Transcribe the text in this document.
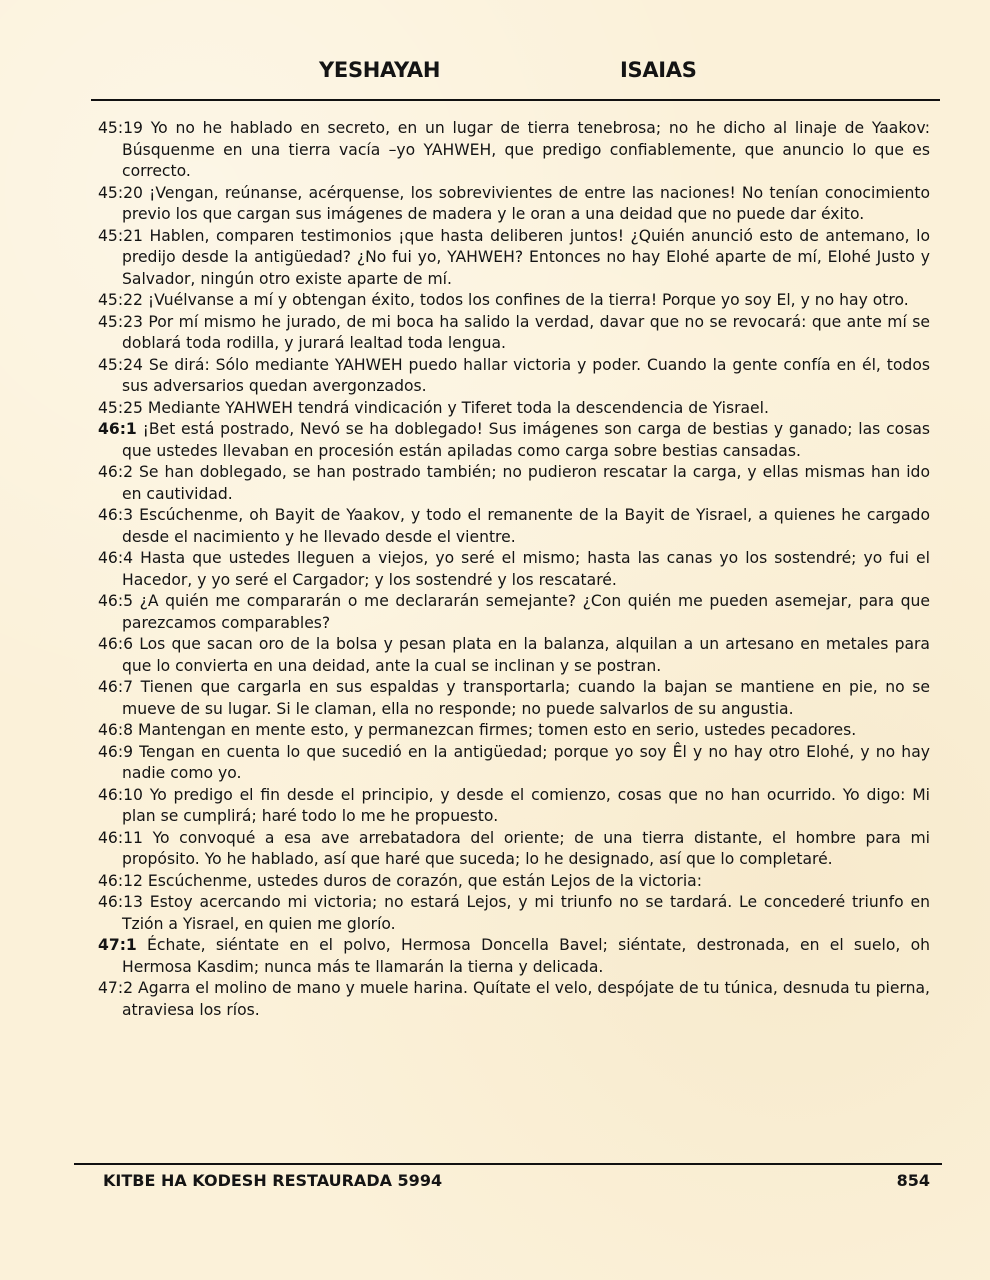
YESHAYAH	ISAIAS

45:19 Yo no he hablado en secreto, en un lugar de tierra tenebrosa; no he dicho al linaje de Yaakov: Búsquenme en una tierra vacía –yo YAHWEH, que predigo confiablemente, que anuncio lo que es correcto.

45:20 ¡Vengan, reúnanse, acérquense, los sobrevivientes de entre las naciones! No tenían conocimiento previo los que cargan sus imágenes de madera y le oran a una deidad que no puede dar éxito.

45:21 Hablen, comparen testimonios ¡que hasta deliberen juntos! ¿Quién anunció esto de antemano, lo predijo desde la antigüedad? ¿No fui yo, YAHWEH? Entonces no hay Elohé aparte de mí, Elohé Justo y Salvador, ningún otro existe aparte de mí.

45:22 ¡Vuélvanse a mí y obtengan éxito, todos los confines de la tierra! Porque yo soy El, y no hay otro.

45:23 Por mí mismo he jurado, de mi boca ha salido la verdad, davar que no se revocará: que ante mí se doblará toda rodilla, y jurará lealtad toda lengua.

45:24 Se dirá: Sólo mediante YAHWEH puedo hallar victoria y poder. Cuando la gente confía en él, todos sus adversarios quedan avergonzados.

45:25 Mediante YAHWEH tendrá vindicación y Tiferet toda la descendencia de Yisrael.

46:1 ¡Bet está postrado, Nevó se ha doblegado! Sus imágenes son carga de bestias y ganado; las cosas que ustedes llevaban en procesión están apiladas como carga sobre bestias cansadas.

46:2 Se han doblegado, se han postrado también; no pudieron rescatar la carga, y ellas mismas han ido en cautividad.

46:3 Escúchenme, oh Bayit de Yaakov, y todo el remanente de la Bayit de Yisrael, a quienes he cargado desde el nacimiento y he llevado desde el vientre.

46:4 Hasta que ustedes lleguen a viejos, yo seré el mismo; hasta las canas yo los sostendré; yo fui el Hacedor, y yo seré el Cargador; y los sostendré y los rescataré.

46:5 ¿A quién me compararán o me declararán semejante? ¿Con quién me pueden asemejar, para que parezcamos comparables?

46:6 Los que sacan oro de la bolsa y pesan plata en la balanza, alquilan a un artesano en metales para que lo convierta en una deidad, ante la cual se inclinan y se postran.

46:7 Tienen que cargarla en sus espaldas y transportarla; cuando la bajan se mantiene en pie, no se mueve de su lugar. Si le claman, ella no responde; no puede salvarlos de su angustia.

46:8 Mantengan en mente esto, y permanezcan firmes; tomen esto en serio, ustedes pecadores.

46:9 Tengan en cuenta lo que sucedió en la antigüedad; porque yo soy Êl y no hay otro Elohé, y no hay nadie como yo.

46:10 Yo predigo el fin desde el principio, y desde el comienzo, cosas que no han ocurrido. Yo digo: Mi plan se cumplirá; haré todo lo me he propuesto.

46:11 Yo convoqué a esa ave arrebatadora del oriente; de una tierra distante, el hombre para mi propósito. Yo he hablado, así que haré que suceda; lo he designado, así que lo completaré.

46:12 Escúchenme, ustedes duros de corazón, que están Lejos de la victoria:

46:13 Estoy acercando mi victoria; no estará Lejos, y mi triunfo no se tardará. Le concederé triunfo en Tzión a Yisrael, en quien me glorío.

47:1 Échate, siéntate en el polvo, Hermosa Doncella Bavel; siéntate, destronada, en el suelo, oh Hermosa Kasdim; nunca más te llamarán la tierna y delicada.

47:2 Agarra el molino de mano y muele harina. Quítate el velo, despójate de tu túnica, desnuda tu pierna, atraviesa los ríos.

KITBE HA KODESH RESTAURADA 5994	854
